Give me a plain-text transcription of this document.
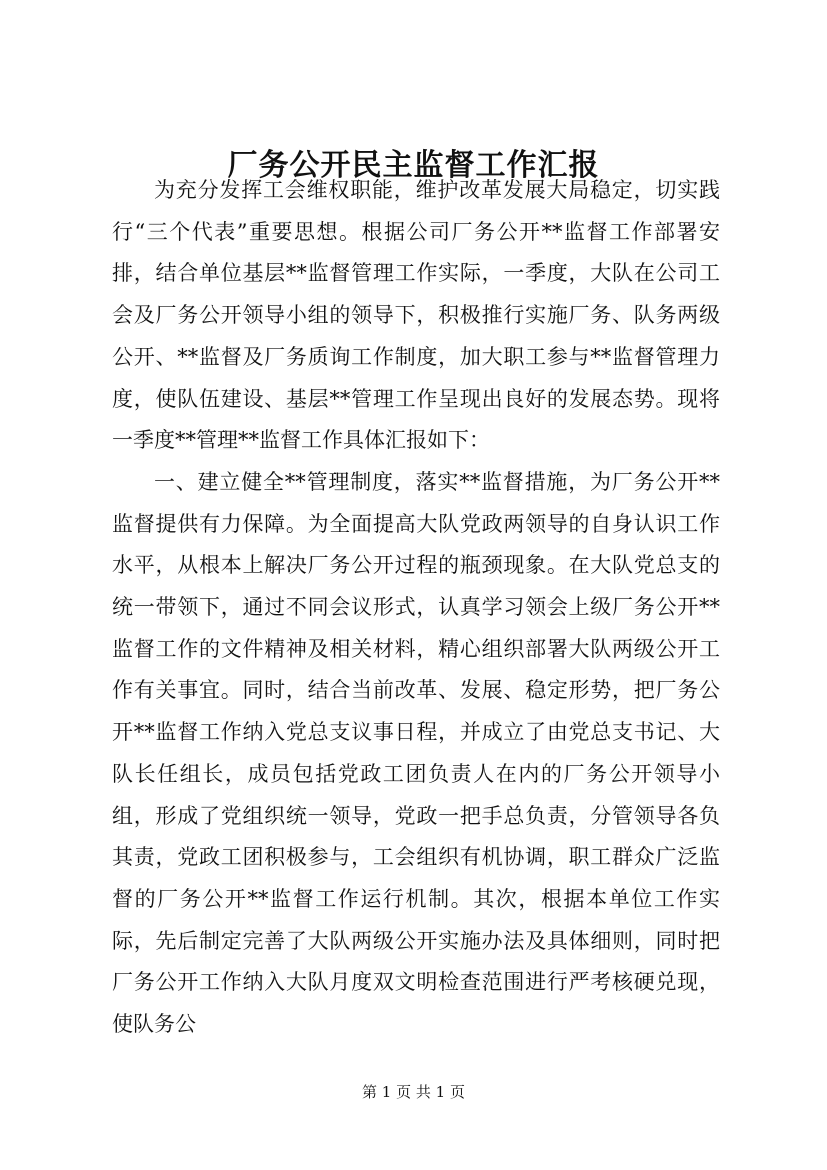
厂务公开民主监督工作汇报

为充分发挥工会维权职能，维护改革发展大局稳定，切实践行“三个代表”重要思想。根据公司厂务公开**监督工作部署安排，结合单位基层**监督管理工作实际，一季度，大队在公司工会及厂务公开领导小组的领导下，积极推行实施厂务、队务两级公开、**监督及厂务质询工作制度，加大职工参与**监督管理力度，使队伍建设、基层**管理工作呈现出良好的发展态势。现将一季度**管理**监督工作具体汇报如下：

一、建立健全**管理制度，落实**监督措施，为厂务公开**监督提供有力保障。为全面提高大队党政两领导的自身认识工作水平，从根本上解决厂务公开过程的瓶颈现象。在大队党总支的统一带领下，通过不同会议形式，认真学习领会上级厂务公开**监督工作的文件精神及相关材料，精心组织部署大队两级公开工作有关事宜。同时，结合当前改革、发展、稳定形势，把厂务公开**监督工作纳入党总支议事日程，并成立了由党总支书记、大队长任组长，成员包括党政工团负责人在内的厂务公开领导小组，形成了党组织统一领导，党政一把手总负责，分管领导各负其责，党政工团积极参与，工会组织有机协调，职工群众广泛监督的厂务公开**监督工作运行机制。其次，根据本单位工作实际，先后制定完善了大队两级公开实施办法及具体细则，同时把厂务公开工作纳入大队月度双文明检查范围进行严考核硬兑现，使队务公

第 1 页 共 1 页
